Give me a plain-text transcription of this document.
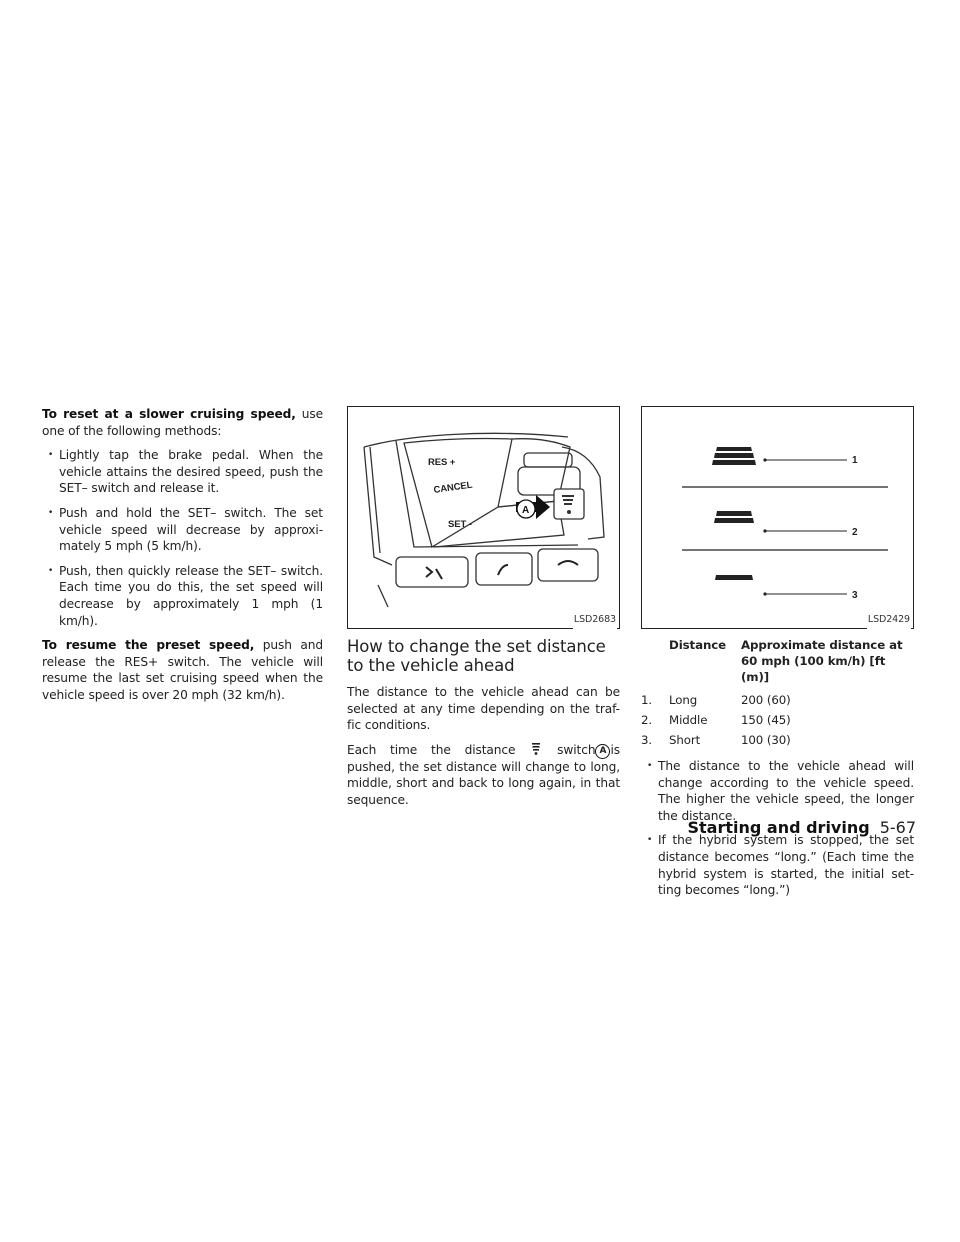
To reset at a slower cruising speed, use one of the following methods:

• Lightly tap the brake pedal. When the vehicle attains the desired speed, push the SET– switch and release it.
• Push and hold the SET– switch. The set vehicle speed will decrease by approxi- mately 5 mph (5 km/h).
• Push, then quickly release the SET– switch. Each time you do this, the set speed will decrease by approximately 1 mph (1 km/h).

To resume the preset speed, push and release the RES+ switch. The vehicle will resume the last set cruising speed when the vehicle speed is over 20 mph (32 km/h).

A
RES +
CANCEL
SET -
LSD2683
How to change the set distance to the vehicle ahead

The distance to the vehicle ahead can be selected at any time depending on the traf- fic conditions.

Each time the distance	switch A is pushed, the set distance will change to long, middle, short and back to long again, in that sequence.

1
2
3
LSD2429
	Distance	Approximate distance at 60 mph (100 km/h) [ft (m)]
1.	Long	200 (60)
2.	Middle	150 (45)
3.	Short	100 (30)
• The distance to the vehicle ahead will change according to the vehicle speed. The higher the vehicle speed, the longer the distance.
• If the hybrid system is stopped, the set distance becomes “long.” (Each time the hybrid system is started, the initial set- ting becomes “long.”)
Starting and driving 5-67
